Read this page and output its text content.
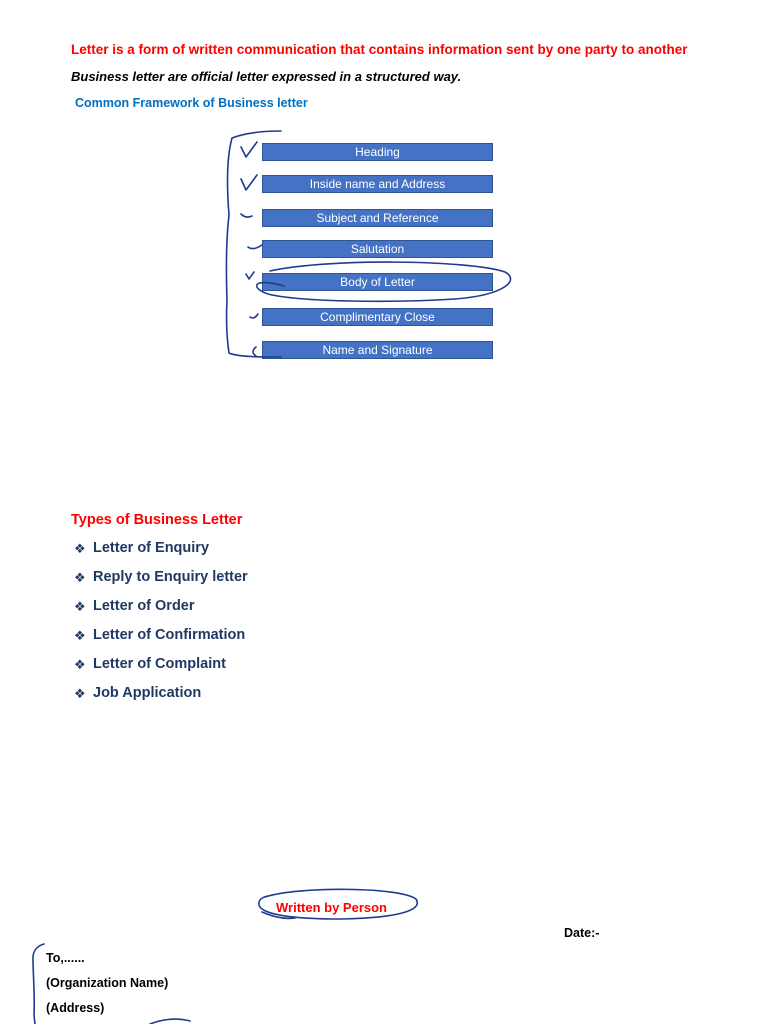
Letter is a form of written communication that contains information sent by one party to another
Business letter are official letter expressed in a structured way.
Common Framework of Business letter
Heading
Inside name and Address
Subject and Reference
Salutation
Body of Letter
Complimentary Close
Name and Signature
Types of Business Letter
❖ Letter of Enquiry
❖ Reply to Enquiry letter
❖ Letter of Order
❖ Letter of Confirmation
❖ Letter of Complaint
❖ Job Application
Written by Person
Date:-
To,......
(Organization Name)
(Address)
